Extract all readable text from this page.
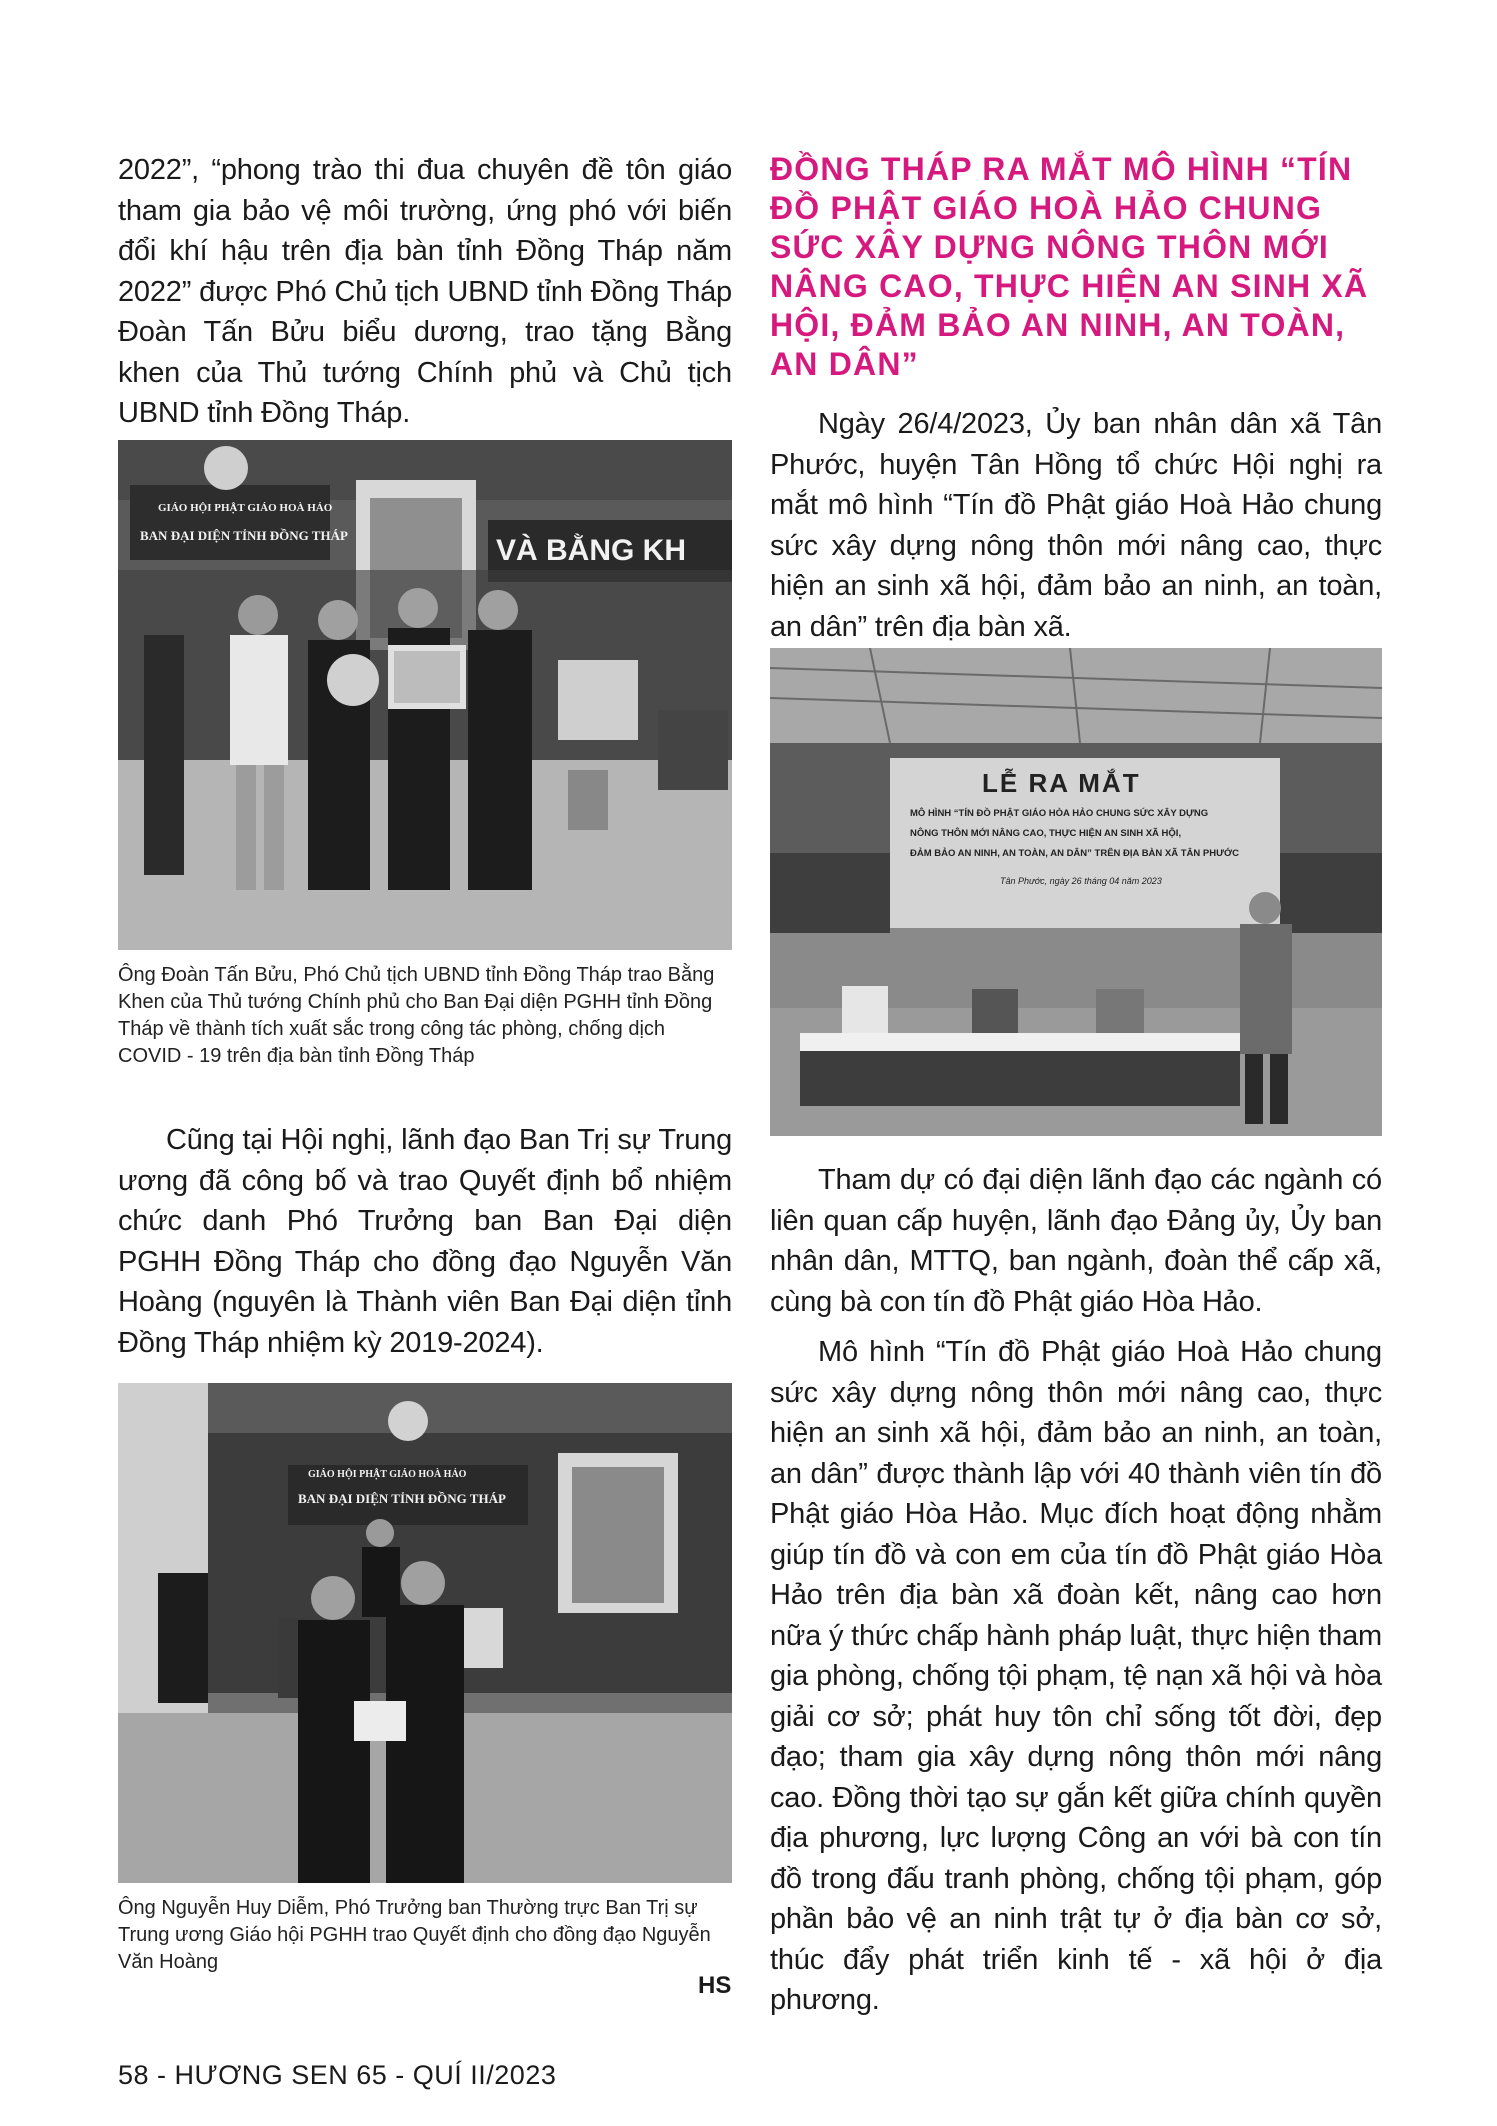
2022”, “phong trào thi đua chuyên đề tôn giáo tham gia bảo vệ môi trường, ứng phó với biến đổi khí hậu trên địa bàn tỉnh Đồng Tháp năm 2022” được Phó Chủ tịch UBND tỉnh Đồng Tháp Đoàn Tấn Bửu biểu dương, trao tặng Bằng khen của Thủ tướng Chính phủ và Chủ tịch UBND tỉnh Đồng Tháp.

GIÁO HỘI PHẬT GIÁO HOÀ HẢO
BAN ĐẠI DIỆN TỈNH ĐỒNG THÁP	VÀ BẰNG KH

Ông Đoàn Tấn Bửu, Phó Chủ tịch UBND tỉnh Đồng Tháp trao Bằng Khen của Thủ tướng Chính phủ cho Ban Đại diện PGHH tỉnh Đồng Tháp về thành tích xuất sắc trong công tác phòng, chống dịch COVID - 19 trên địa bàn tỉnh Đồng Tháp

Cũng tại Hội nghị, lãnh đạo Ban Trị sự Trung ương đã công bố và trao Quyết định bổ nhiệm chức danh Phó Trưởng ban Ban Đại diện PGHH Đồng Tháp cho đồng đạo Nguyễn Văn Hoàng (nguyên là Thành viên Ban Đại diện tỉnh Đồng Tháp nhiệm kỳ 2019-2024).

GIÁO HỘI PHẬT GIÁO HOÀ HẢO
BAN ĐẠI DIỆN TỈNH ĐỒNG THÁP

Ông Nguyễn Huy Diễm, Phó Trưởng ban Thường trực Ban Trị sự Trung ương Giáo hội PGHH trao Quyết định cho đồng đạo Nguyễn Văn Hoàng

HS
ĐỒNG THÁP RA MẮT MÔ HÌNH “TÍN ĐỒ PHẬT GIÁO HOÀ HẢO CHUNG SỨC XÂY DỰNG NÔNG THÔN MỚI NÂNG CAO, THỰC HIỆN AN SINH XÃ HỘI, ĐẢM BẢO AN NINH, AN TOÀN, AN DÂN”

Ngày 26/4/2023, Ủy ban nhân dân xã Tân Phước, huyện Tân Hồng tổ chức Hội nghị ra mắt mô hình “Tín đồ Phật giáo Hoà Hảo chung sức xây dựng nông thôn mới nâng cao, thực hiện an sinh xã hội, đảm bảo an ninh, an toàn, an dân” trên địa bàn xã.

LỄ RA MẮT
MÔ HÌNH “TÍN ĐỒ PHẬT GIÁO HÒA HẢO CHUNG SỨC XÂY DỰNG
NÔNG THÔN MỚI NÂNG CAO, THỰC HIỆN AN SINH XÃ HỘI,
ĐẢM BẢO AN NINH, AN TOÀN, AN DÂN” TRÊN ĐỊA BÀN XÃ TÂN PHƯỚC
Tân Phước, ngày 26 tháng 04 năm 2023

Tham dự có đại diện lãnh đạo các ngành có liên quan cấp huyện, lãnh đạo Đảng ủy, Ủy ban nhân dân, MTTQ, ban ngành, đoàn thể cấp xã, cùng bà con tín đồ Phật giáo Hòa Hảo.

Mô hình “Tín đồ Phật giáo Hoà Hảo chung sức xây dựng nông thôn mới nâng cao, thực hiện an sinh xã hội, đảm bảo an ninh, an toàn, an dân” được thành lập với 40 thành viên tín đồ Phật giáo Hòa Hảo. Mục đích hoạt động nhằm giúp tín đồ và con em của tín đồ Phật giáo Hòa Hảo trên địa bàn xã đoàn kết, nâng cao hơn nữa ý thức chấp hành pháp luật, thực hiện tham gia phòng, chống tội phạm, tệ nạn xã hội và hòa giải cơ sở; phát huy tôn chỉ sống tốt đời, đẹp đạo; tham gia xây dựng nông thôn mới nâng cao. Đồng thời tạo sự gắn kết giữa chính quyền địa phương, lực lượng Công an với bà con tín đồ trong đấu tranh phòng, chống tội phạm, góp phần bảo vệ an ninh trật tự ở địa bàn cơ sở, thúc đẩy phát triển kinh tế - xã hội ở địa phương.

58 - HƯƠNG SEN 65 - QUÍ II/2023
